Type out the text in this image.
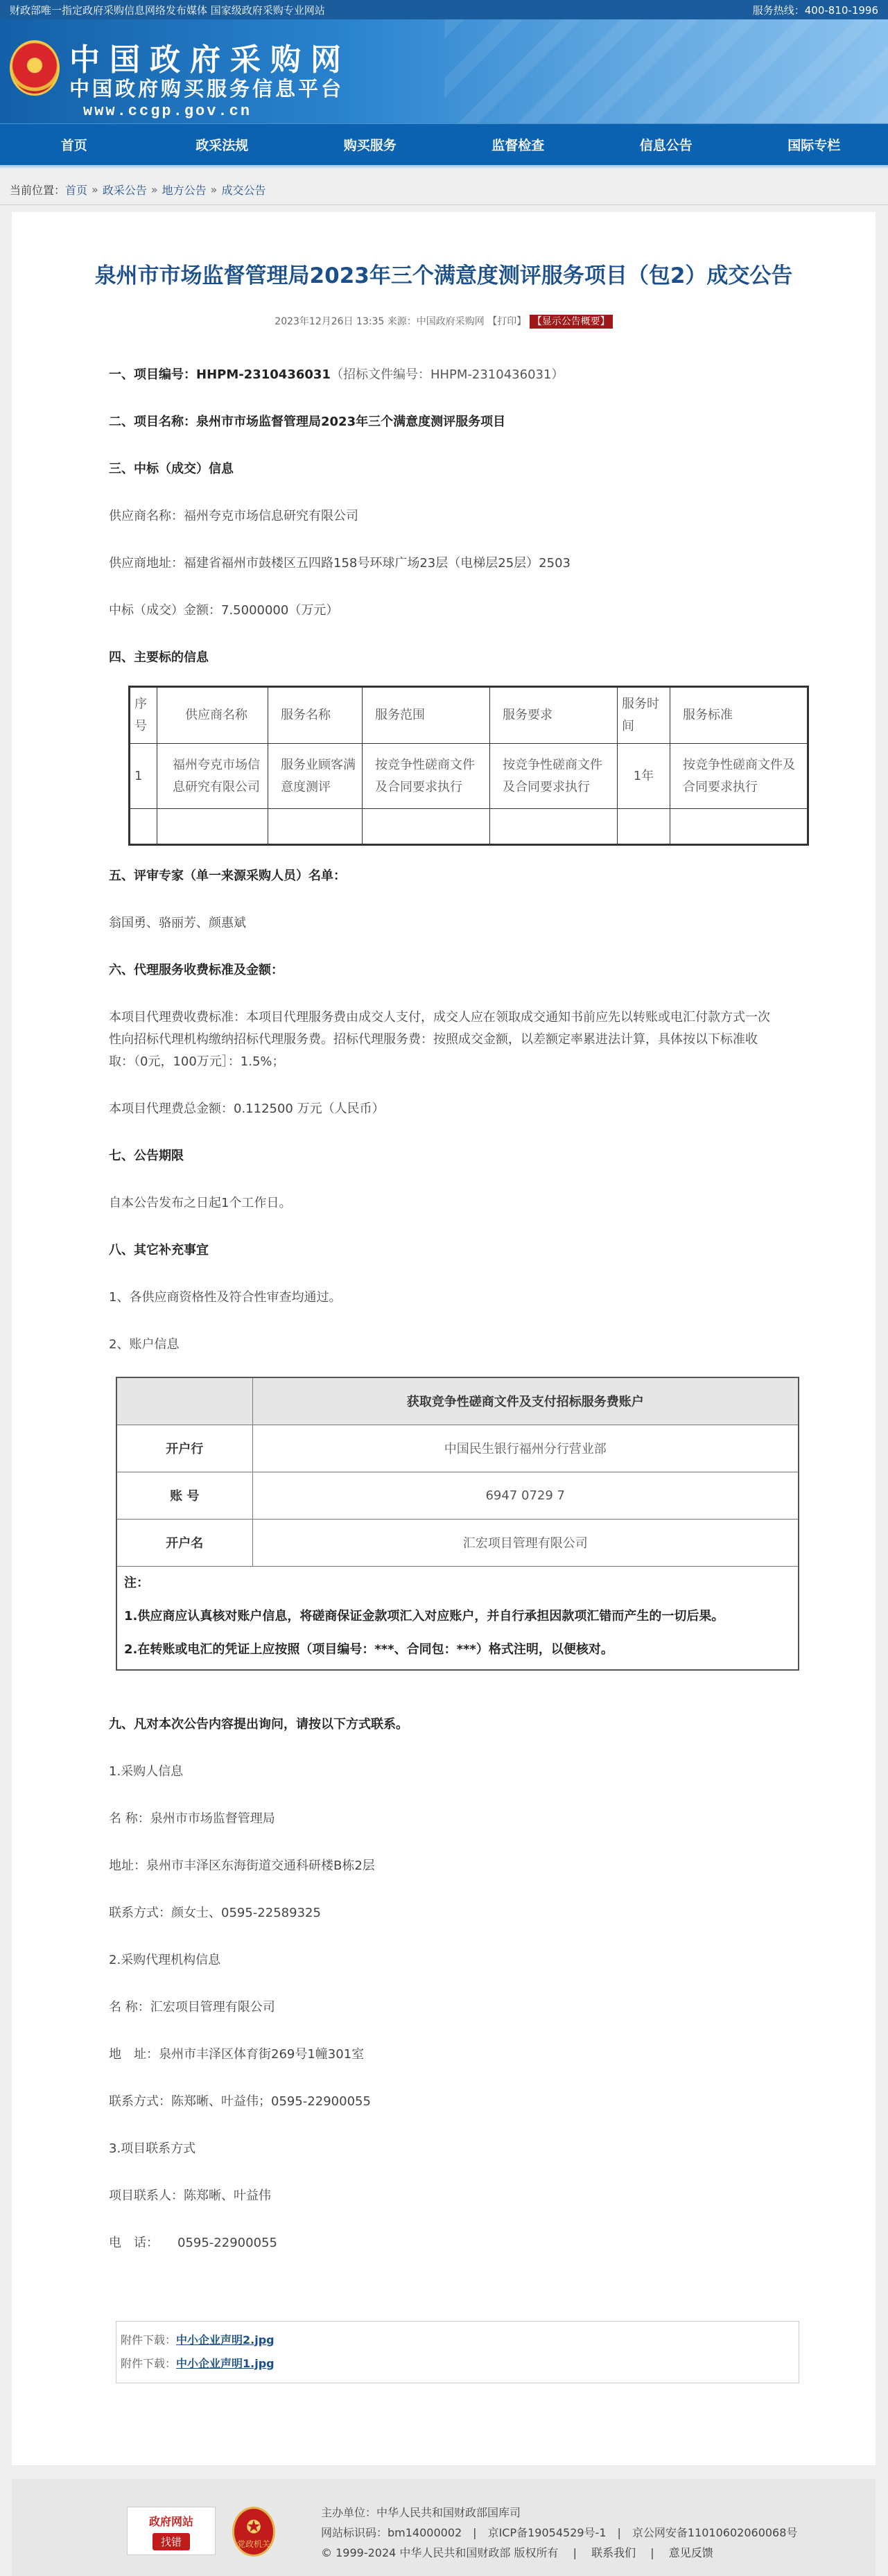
财政部唯一指定政府采购信息网络发布媒体 国家级政府采购专业网站	服务热线：400-810-1996
中国政府采购网
中国政府购买服务信息平台
www.ccgp.gov.cn
首页	政采法规	购买服务	监督检查	信息公告	国际专栏
当前位置： 首页 » 政采公告 » 地方公告 » 成交公告
泉州市市场监督管理局2023年三个满意度测评服务项目（包2）成交公告
2023年12月26日 13:35 来源：中国政府采购网 【打印】 【显示公告概要】
一、项目编号：HHPM-2310436031（招标文件编号：HHPM-2310436031）
二、项目名称：泉州市市场监督管理局2023年三个满意度测评服务项目
三、中标（成交）信息
供应商名称：福州夸克市场信息研究有限公司
供应商地址：福建省福州市鼓楼区五四路158号环球广场23层（电梯层25层）2503
中标（成交）金额：7.5000000（万元）
四、主要标的信息
序号	供应商名称	服务名称	服务范围	服务要求	服务时间	服务标准
1	福州夸克市场信息研究有限公司	服务业顾客满意度测评	按竞争性磋商文件及合同要求执行	按竞争性磋商文件及合同要求执行	1年	按竞争性磋商文件及合同要求执行

五、评审专家（单一来源采购人员）名单：
翁国勇、骆丽芳、颜惠斌
六、代理服务收费标准及金额：
本项目代理费收费标准：本项目代理服务费由成交人支付，成交人应在领取成交通知书前应先以转账或电汇付款方式一次性向招标代理机构缴纳招标代理服务费。招标代理服务费：按照成交金额，以差额定率累进法计算，具体按以下标准收取：（0元，100万元］：1.5%；
本项目代理费总金额：0.112500 万元（人民币）
七、公告期限
自本公告发布之日起1个工作日。
八、其它补充事宜
1、各供应商资格性及符合性审查均通过。
2、账户信息
	获取竞争性磋商文件及支付招标服务费账户
开户行	中国民生银行福州分行营业部
账 号	6947 0729 7
开户名	汇宏项目管理有限公司

注：
1.供应商应认真核对账户信息，将磋商保证金款项汇入对应账户，并自行承担因款项汇错而产生的一切后果。
2.在转账或电汇的凭证上应按照（项目编号：***、合同包：***）格式注明，以便核对。	
九、凡对本次公告内容提出询问，请按以下方式联系。
1.采购人信息
名 称：泉州市市场监督管理局
地址：泉州市丰泽区东海街道交通科研楼B栋2层
联系方式：颜女士、0595-22589325
2.采购代理机构信息
名 称：汇宏项目管理有限公司
地　址：泉州市丰泽区体育街269号1幢301室
联系方式：陈郑晰、叶益伟；0595-22900055
3.项目联系方式
项目联系人：陈郑晰、叶益伟
电　话：　　0595-22900055
附件下载：中小企业声明2.jpg
附件下载：中小企业声明1.jpg
政府网站
找错
✪
党政机关
主办单位：中华人民共和国财政部国库司
网站标识码：bm14000002　|　京ICP备19054529号-1　|　京公网安备11010602060068号
© 1999-2024 中华人民共和国财政部 版权所有 　|　 联系我们 　|　 意见反馈
